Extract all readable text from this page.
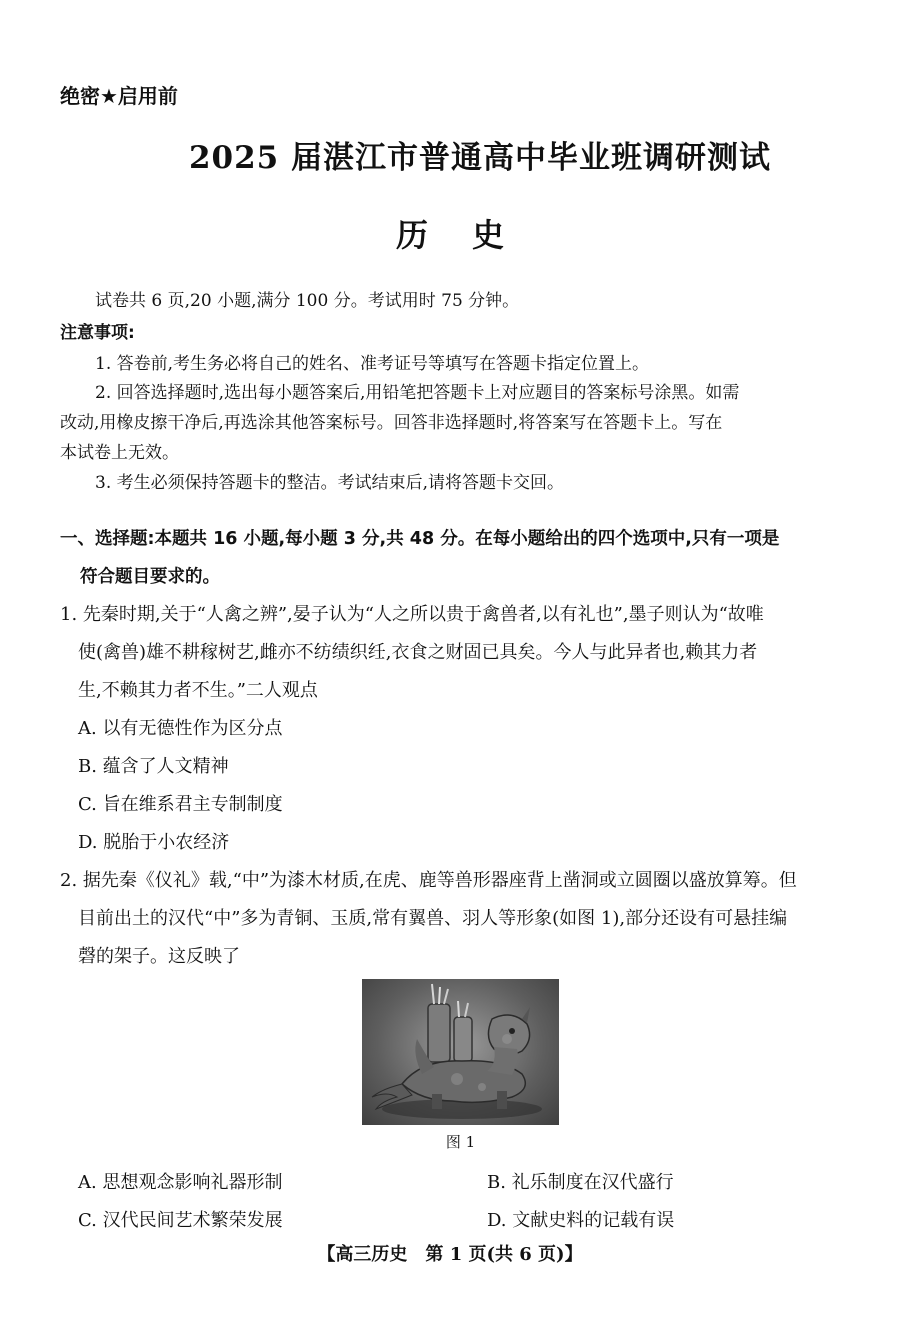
绝密★启用前
2025 届湛江市普通高中毕业班调研测试
历史
试卷共 6 页,20 小题,满分 100 分。考试用时 75 分钟。
注意事项:
1. 答卷前,考生务必将自己的姓名、准考证号等填写在答题卡指定位置上。
2. 回答选择题时,选出每小题答案后,用铅笔把答题卡上对应题目的答案标号涂黑。如需
改动,用橡皮擦干净后,再选涂其他答案标号。回答非选择题时,将答案写在答题卡上。写在
本试卷上无效。
3. 考生必须保持答题卡的整洁。考试结束后,请将答题卡交回。
一、选择题:本题共 16 小题,每小题 3 分,共 48 分。在每小题给出的四个选项中,只有一项是
符合题目要求的。
1. 先秦时期,关于“人禽之辨”,晏子认为“人之所以贵于禽兽者,以有礼也”,墨子则认为“故唯
使(禽兽)雄不耕稼树艺,雌亦不纺绩织纴,衣食之财固已具矣。今人与此异者也,赖其力者
生,不赖其力者不生。”二人观点
A. 以有无德性作为区分点
B. 蕴含了人文精神
C. 旨在维系君主专制制度
D. 脱胎于小农经济
2. 据先秦《仪礼》载,“中”为漆木材质,在虎、鹿等兽形器座背上凿洞或立圆圈以盛放算筹。但
目前出土的汉代“中”多为青铜、玉质,常有翼兽、羽人等形象(如图 1),部分还设有可悬挂编
磬的架子。这反映了
图 1
A. 思想观念影响礼器形制	B. 礼乐制度在汉代盛行
C. 汉代民间艺术繁荣发展	D. 文献史料的记载有误
【高三历史　第 1 页(共 6 页)】
